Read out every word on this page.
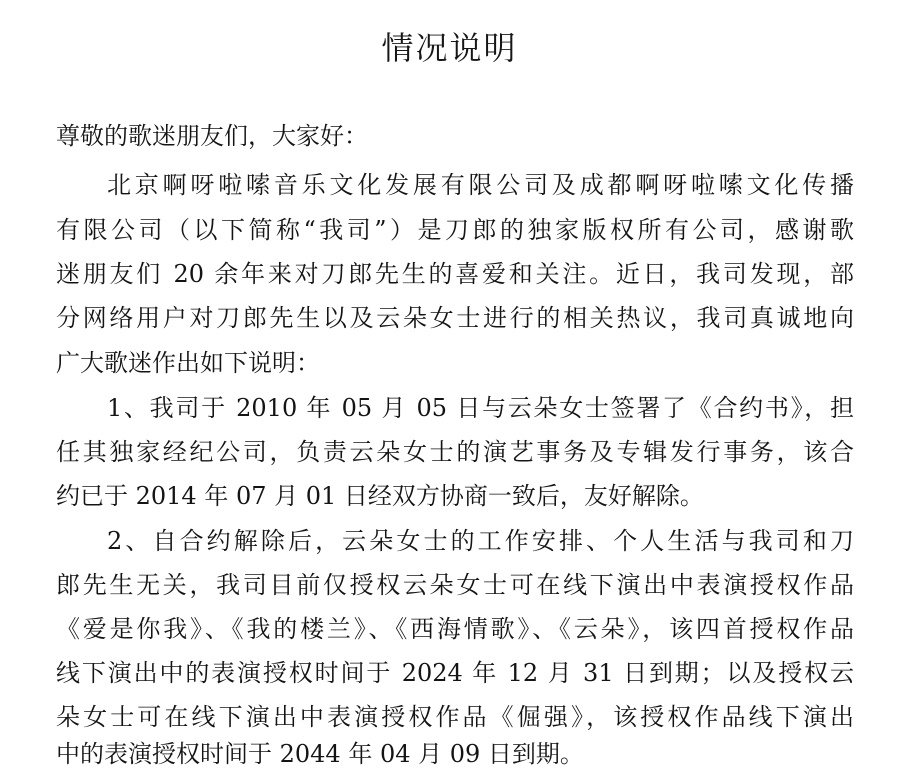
情况说明
尊敬的歌迷朋友们，大家好：
北京啊呀啦嗦音乐文化发展有限公司及成都啊呀啦嗦文化传播
有限公司（以下简称“我司”）是刀郎的独家版权所有公司，感谢歌
迷朋友们 20 余年来对刀郎先生的喜爱和关注。近日，我司发现，部
分网络用户对刀郎先生以及云朵女士进行的相关热议，我司真诚地向
广大歌迷作出如下说明：
1、我司于 2010 年 05 月 05 日与云朵女士签署了《合约书》，担
任其独家经纪公司，负责云朵女士的演艺事务及专辑发行事务，该合
约已于 2014 年 07 月 01 日经双方协商一致后，友好解除。
2、自合约解除后，云朵女士的工作安排、个人生活与我司和刀
郎先生无关，我司目前仅授权云朵女士可在线下演出中表演授权作品
《爱是你我》、《我的楼兰》、《西海情歌》、《云朵》，该四首授权作品
线下演出中的表演授权时间于 2024 年 12 月 31 日到期；以及授权云
朵女士可在线下演出中表演授权作品《倔强》，该授权作品线下演出
中的表演授权时间于 2044 年 04 月 09 日到期。
